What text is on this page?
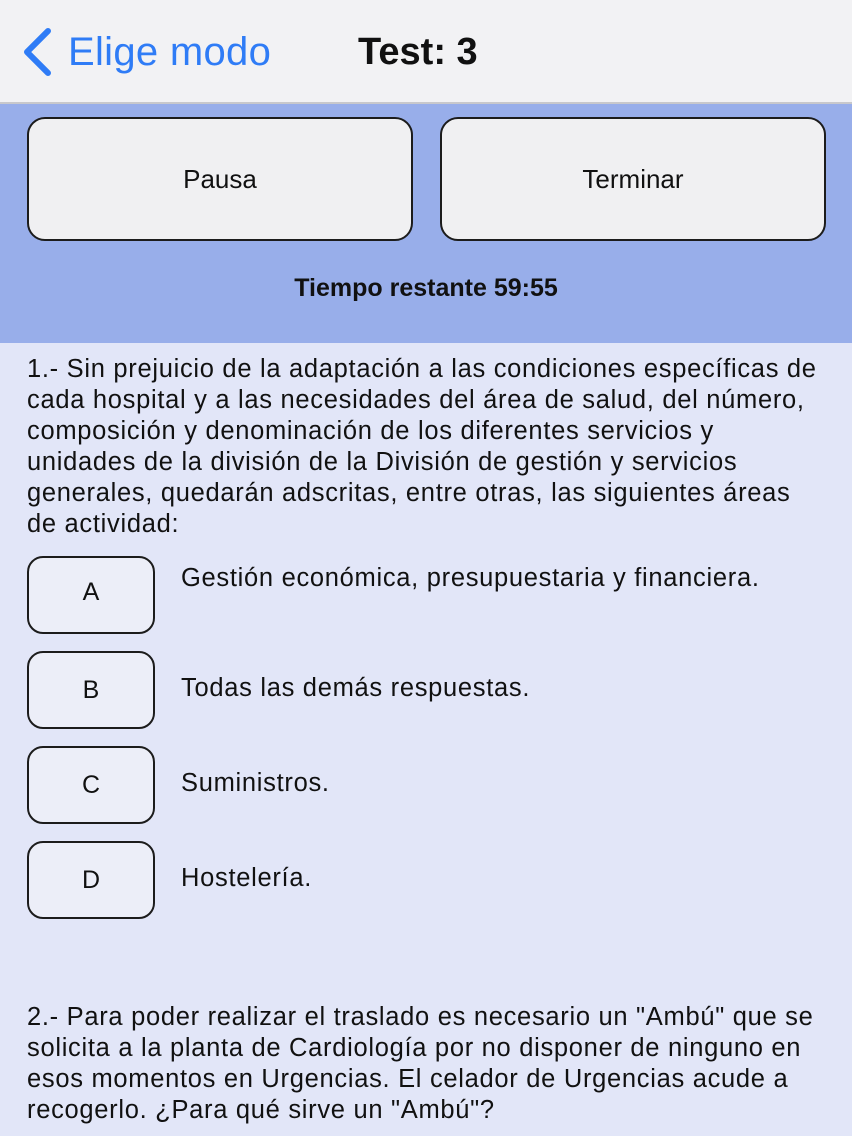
Elige modo Test: 3
Pausa	Terminar
Tiempo restante 59:55
1.- Sin prejuicio de la adaptación a las condiciones específicas de cada hospital y a las necesidades del área de salud, del número, composición y denominación de los diferentes servicios y unidades de la división de la División de gestión y servicios generales, quedarán adscritas, entre otras, las siguientes áreas de actividad:
A	Gestión económica, presupuestaria y financiera.
B	Todas las demás respuestas.
C	Suministros.
D	Hostelería.
2.- Para poder realizar el traslado es necesario un "Ambú" que se solicita a la planta de Cardiología por no disponer de ninguno en esos momentos en Urgencias. El celador de Urgencias acude a recogerlo. ¿Para qué sirve un "Ambú"?
